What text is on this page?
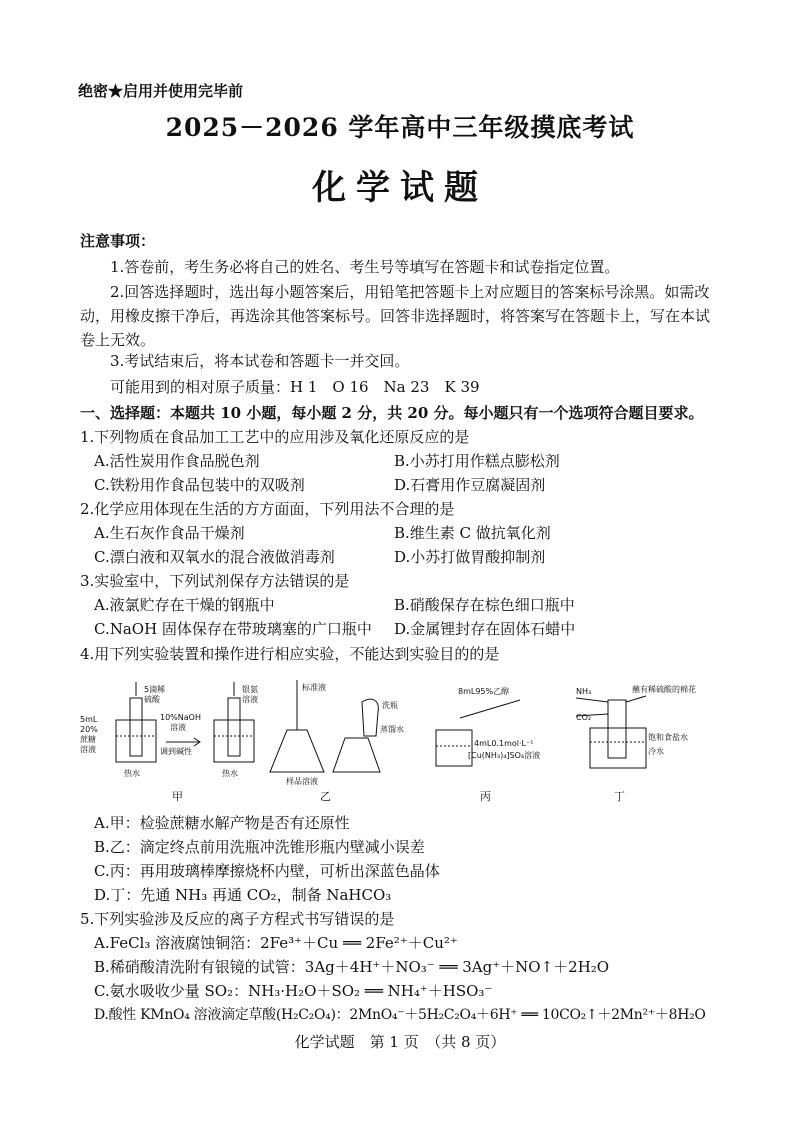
绝密★启用并使用完毕前
2025－2026 学年高中三年级摸底考试
化学试题
注意事项：
1.答卷前，考生务必将自己的姓名、考生号等填写在答题卡和试卷指定位置。
2.回答选择题时，选出每小题答案后，用铅笔把答题卡上对应题目的答案标号涂黑。如需改动，用橡皮擦干净后，再选涂其他答案标号。回答非选择题时，将答案写在答题卡上，写在本试卷上无效。
3.考试结束后，将本试卷和答题卡一并交回。
可能用到的相对原子质量：H 1　O 16　Na 23　K 39
一、选择题：本题共 10 小题，每小题 2 分，共 20 分。每小题只有一个选项符合题目要求。
1.下列物质在食品加工工艺中的应用涉及氧化还原反应的是
A.活性炭用作食品脱色剂	B.小苏打用作糕点膨松剂
C.铁粉用作食品包装中的双吸剂	D.石膏用作豆腐凝固剂
2.化学应用体现在生活的方方面面，下列用法不合理的是
A.生石灰作食品干燥剂	B.维生素 C 做抗氧化剂
C.漂白液和双氧水的混合液做消毒剂	D.小苏打做胃酸抑制剂
3.实验室中，下列试剂保存方法错误的是
A.液氯贮存在干燥的钢瓶中	B.硝酸保存在棕色细口瓶中
C.NaOH 固体保存在带玻璃塞的广口瓶中 D.金属锂封存在固体石蜡中
4.用下列实验装置和操作进行相应实验，不能达到实验目的的是
5mL
20%
蔗糖
溶液
5滴稀
硫酸
10%NaOH
溶液
调到碱性
热水
银氨
溶液
热水
标准液
洗瓶
蒸馏水
样品溶液
8mL95%乙醇
4mL0.1mol·L⁻¹
[Cu(NH₃)₄]SO₄溶液
NH₃
CO₂
蘸有稀硫酸的棉花
饱和食盐水
冷水
甲	乙	丙	丁
A.甲：检验蔗糖水解产物是否有还原性
B.乙：滴定终点前用洗瓶冲洗锥形瓶内壁减小误差
C.丙：再用玻璃棒摩擦烧杯内壁，可析出深蓝色晶体
D.丁：先通 NH₃ 再通 CO₂，制备 NaHCO₃
5.下列实验涉及反应的离子方程式书写错误的是
A.FeCl₃ 溶液腐蚀铜箔：2Fe³⁺＋Cu ══ 2Fe²⁺＋Cu²⁺
B.稀硝酸清洗附有银镜的试管：3Ag＋4H⁺＋NO₃⁻ ══ 3Ag⁺＋NO↑＋2H₂O
C.氨水吸收少量 SO₂：NH₃·H₂O＋SO₂ ══ NH₄⁺＋HSO₃⁻
D.酸性 KMnO₄ 溶液滴定草酸(H₂C₂O₄)：2MnO₄⁻＋5H₂C₂O₄＋6H⁺ ══ 10CO₂↑＋2Mn²⁺＋8H₂O
化学试题　第 1 页　（共 8 页）
